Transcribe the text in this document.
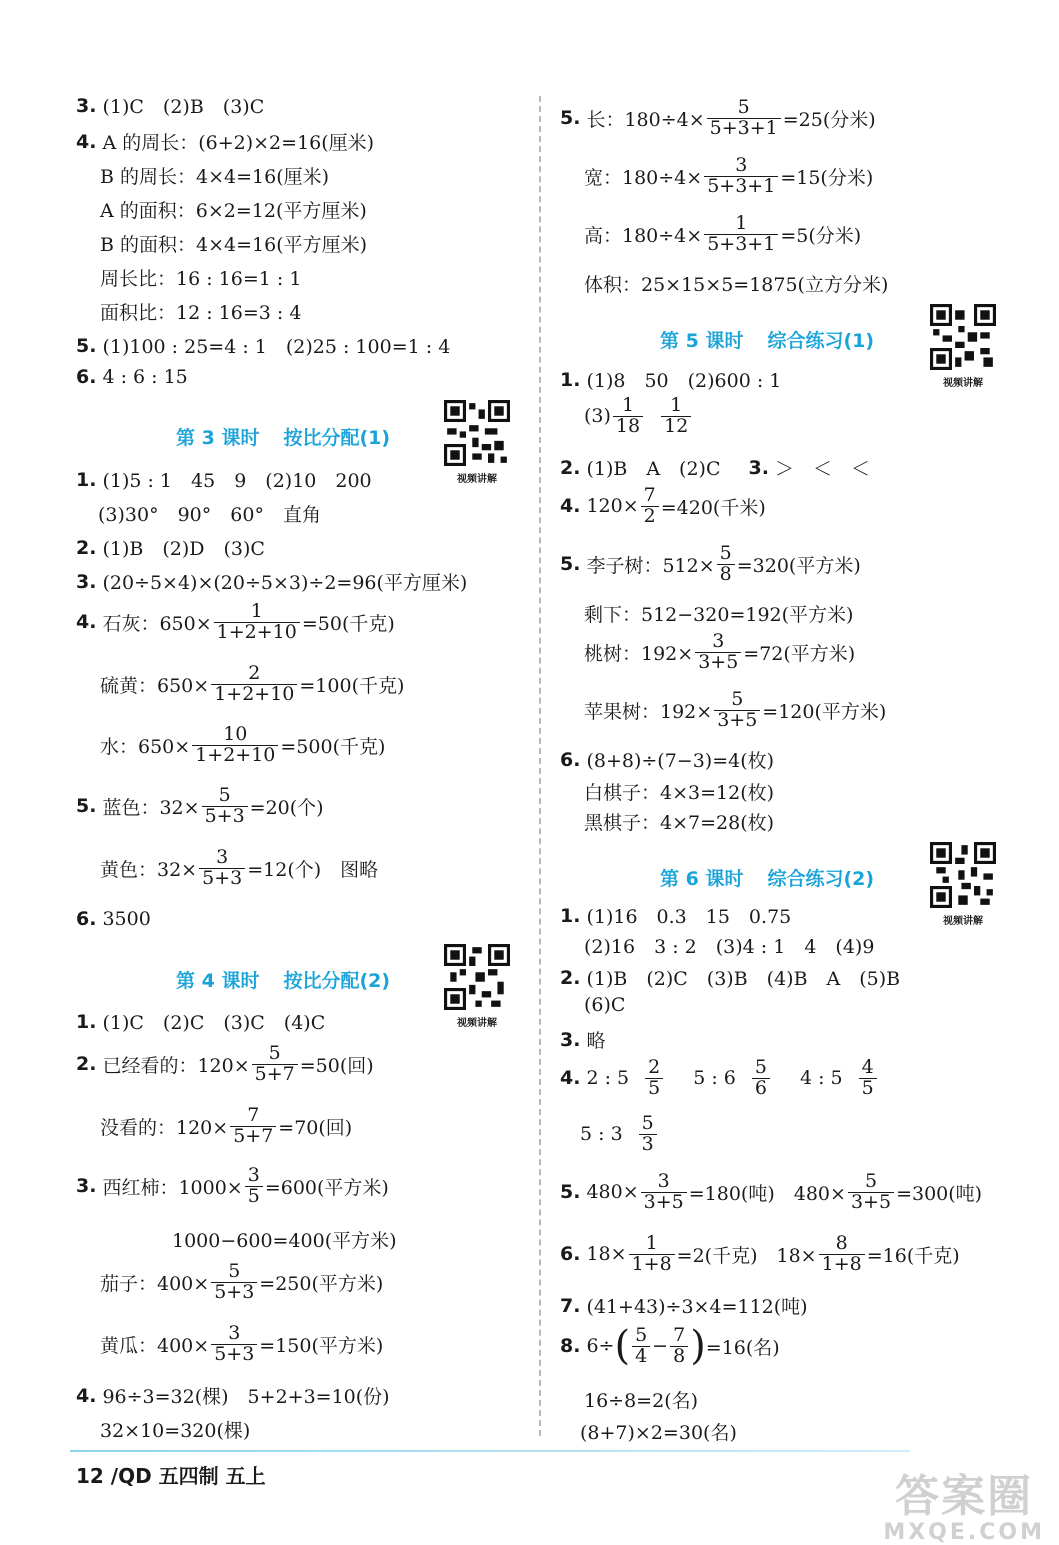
3. (1)C　(2)B　(3)C
4. A 的周长：(6+2)×2=16(厘米)
B 的周长：4×4=16(厘米)
A 的面积：6×2=12(平方厘米)
B 的面积：4×4=16(平方厘米)
周长比：16 : 16=1 : 1
面积比：12 : 16=3 : 4
5. (1)100 : 25=4 : 1　(2)25 : 100=1 : 4
6. 4 : 6 : 15
第 3 课时 按比分配(1)
视频讲解
1. (1)5 : 1　45　9　(2)10　200
(3)30°　90°　60°　直角
2. (1)B　(2)D　(3)C
3. (20÷5×4)×(20÷5×3)÷2=96(平方厘米)
4. 石灰：$650\times \frac{1}{1+2+10} =50$(千克)
硫黄：$650\times \frac{2}{1+2+10} =100$(千克)
水：$650\times \frac{10}{1+2+10} =500$(千克)
5. 蓝色：$32\times \frac{5}{5+3} =20$(个)
黄色：$32\times \frac{3}{5+3} =12$(个)　图略
6. 3500
第 4 课时 按比分配(2)
视频讲解
1. (1)C　(2)C　(3)C　(4)C
2. 已经看的：$120\times \frac{5}{5+7} =50$(回)
没看的：$120\times \frac{7}{5+7} =70$(回)
3. 西红柿：$1000\times \frac{3}{5} =600$(平方米)
1000−600=400(平方米)
茄子：$400\times \frac{5}{5+3} =250$(平方米)
黄瓜：$400\times \frac{3}{5+3} =150$(平方米)
4. 96÷3=32(棵)　5+2+3=10(份)
32×10=320(棵)
5. 长：$180\div 4\times \frac{5}{5+3+1} =25$(分米)
宽：$180\div 4\times \frac{3}{5+3+1} =15$(分米)
高：$180\div 4\times \frac{1}{5+3+1} =5$(分米)
体积：25×15×5=1875(立方分米)
第 5 课时 综合练习(1)
视频讲解
1. (1)8　50　(2)600 : 1
$(3) \frac{1}{18} \frac{1}{12}$
2. (1)B　A　(2)C 3. ＞　＜　＜
4. $120\times \frac{7}{2} =420$(千米)
5. 李子树：$512\times \frac{5}{8} =320$(平方米)
剩下：512−320=192(平方米)
桃树：$192\times \frac{3}{3+5} =72$(平方米)
苹果树：$192\times \frac{5}{3+5} =120$(平方米)
6. (8+8)÷(7−3)=4(枚)
白棋子：4×3=12(枚)
黑棋子：4×7=28(枚)
第 6 课时 综合练习(2)
视频讲解
1. (1)16　0.3　15　0.75
(2)16　3 : 2　(3)4 : 1　4　(4)9
2. (1)B　(2)C　(3)B　(4)B　A　(5)B
(6)C
3. 略
4. 2 : $5 \frac{2}{5} 5$ : $6 \frac{5}{6} 4$ : $5 \frac{4}{5}$
5 : $3 \frac{5}{3}$
5. $480\times \frac{3}{3+5} =180$(吨)　$480\times \frac{5}{3+5} =300$(吨)
6. $18\times \frac{1}{1+8} =2$(千克)　$18\times \frac{8}{1+8} =16$(千克)
7. (41+43)÷3×4=112(吨)
8. 6÷ ( $\frac{5}{4} - \frac{7}{8}$ ) =16(名)
16÷8=2(名)
(8+7)×2=30(名)
12 /QD 五四制 五上	答案圈
MXQE.COM
